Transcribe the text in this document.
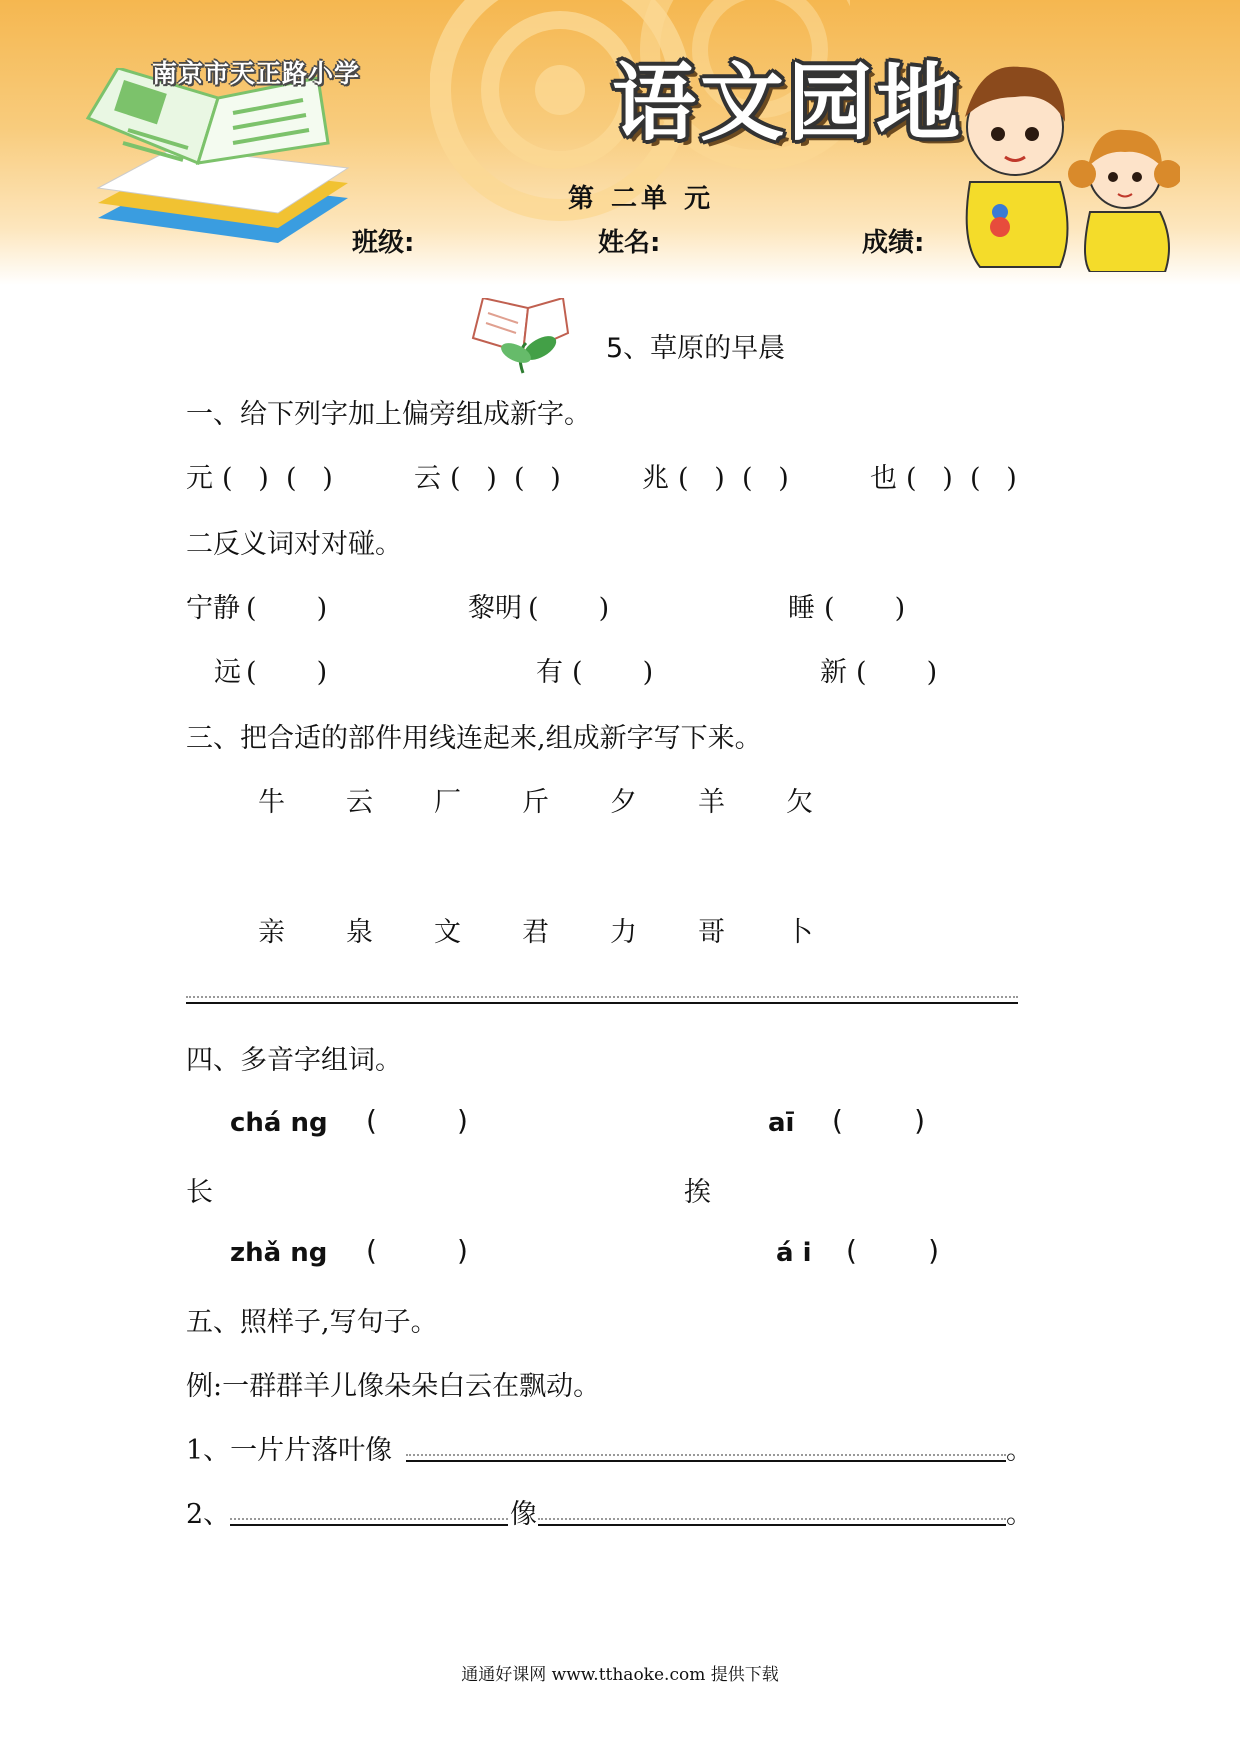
南京市天正路小学	语文园地
第 二单 元
班级:	姓名:	成绩:
5、草原的早晨
一、给下列字加上偏旁组成新字。
元 (   )  (   )	云 (   )  (   )	兆 (   )  (   )	也 (   )  (   )
二反义词对对碰。
宁静 (       )	黎明 (       )	睡 (       )
远 (       )	有 (       )	新 (       )
三、把合适的部件用线连起来,组成新字写下来。
牛 云 厂 斤 夕 羊 欠
亲 泉 文 君 力 哥 卜
四、多音字组词。
chá ng (         )
长
zhǎ ng (         )
aī (        )
挨
á i (        )
五、照样子,写句子。
例:一群群羊儿像朵朵白云在飘动。
1、一片片落叶像	。
2、	像	。
通通好课网 www.tthaoke.com 提供下载
